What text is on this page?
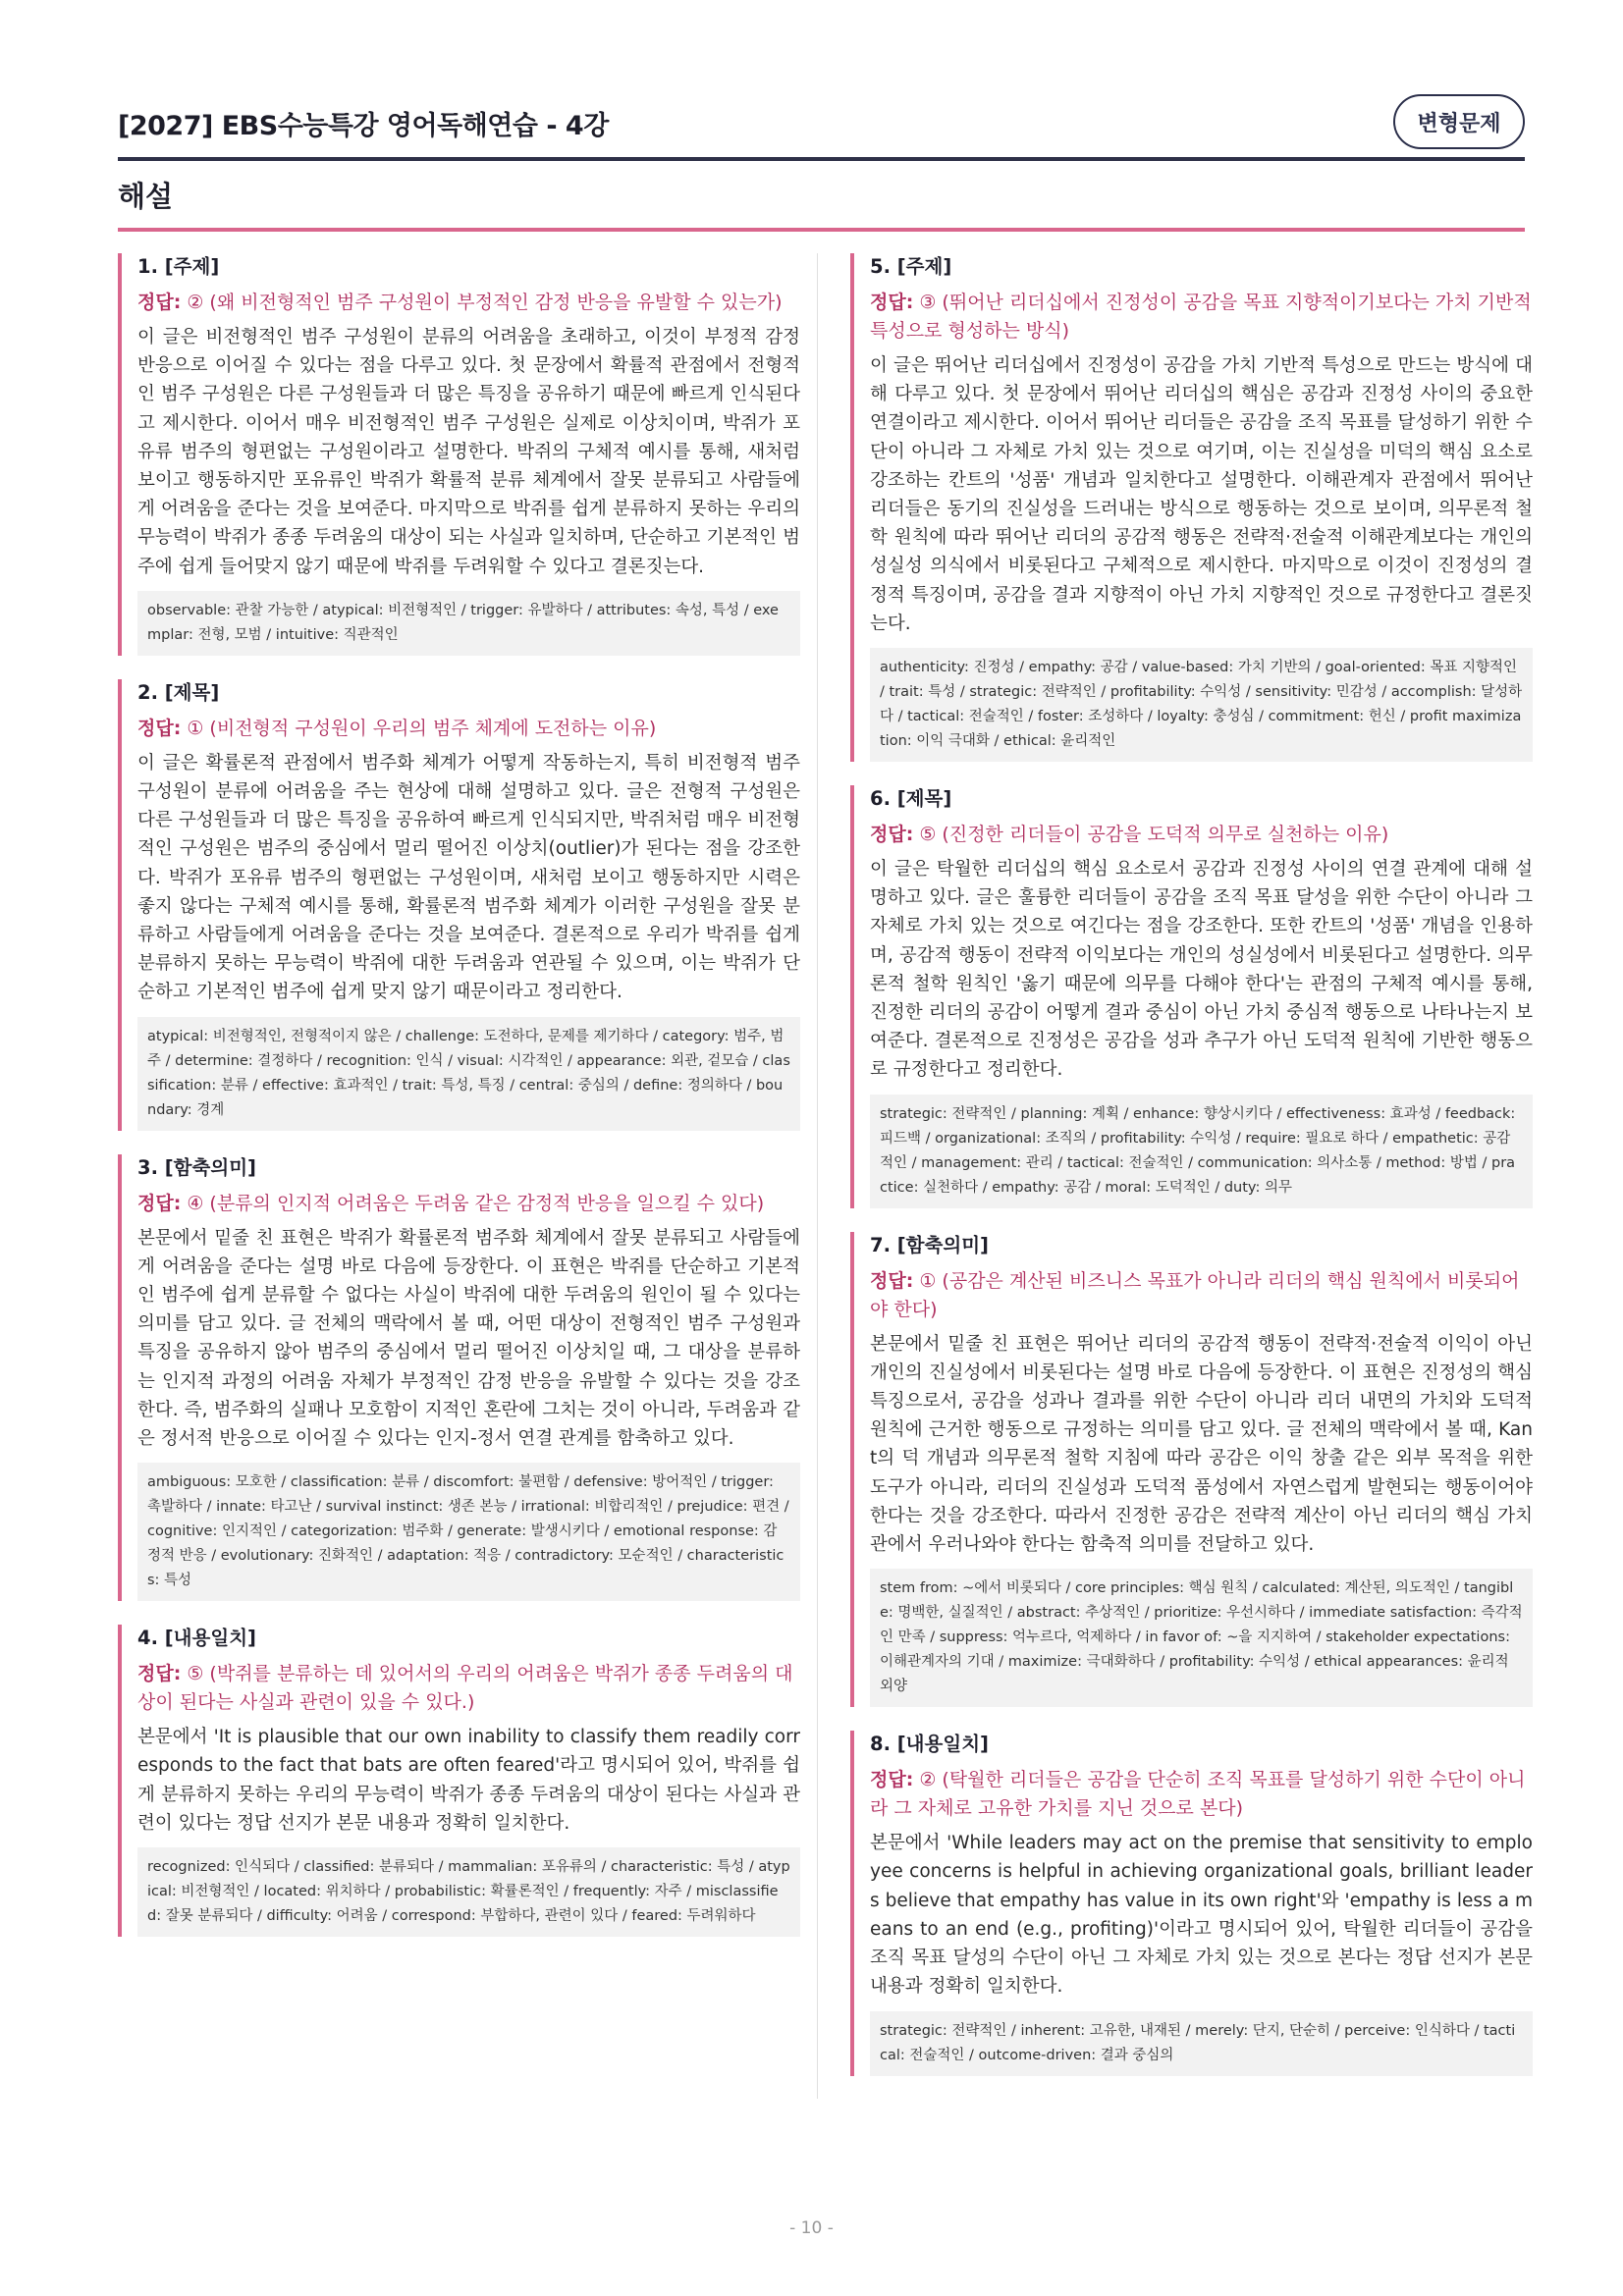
[2027] EBS수능특강 영어독해연습 - 4강	변형문제
해설
1. [주제]
정답: ② (왜 비전형적인 범주 구성원이 부정적인 감정 반응을 유발할 수 있는가)
이 글은 비전형적인 범주 구성원이 분류의 어려움을 초래하고, 이것이 부정적 감정 반응으로 이어질 수 있다는 점을 다루고 있다. 첫 문장에서 확률적 관점에서 전형적인 범주 구성원은 다른 구성원들과 더 많은 특징을 공유하기 때문에 빠르게 인식된다고 제시한다. 이어서 매우 비전형적인 범주 구성원은 실제로 이상치이며, 박쥐가 포유류 범주의 형편없는 구성원이라고 설명한다. 박쥐의 구체적 예시를 통해, 새처럼 보이고 행동하지만 포유류인 박쥐가 확률적 분류 체계에서 잘못 분류되고 사람들에게 어려움을 준다는 것을 보여준다. 마지막으로 박쥐를 쉽게 분류하지 못하는 우리의 무능력이 박쥐가 종종 두려움의 대상이 되는 사실과 일치하며, 단순하고 기본적인 범주에 쉽게 들어맞지 않기 때문에 박쥐를 두려워할 수 있다고 결론짓는다.
observable: 관찰 가능한 / atypical: 비전형적인 / trigger: 유발하다 / attributes: 속성, 특성 / exemplar: 전형, 모범 / intuitive: 직관적인
2. [제목]
정답: ① (비전형적 구성원이 우리의 범주 체계에 도전하는 이유)
이 글은 확률론적 관점에서 범주화 체계가 어떻게 작동하는지, 특히 비전형적 범주 구성원이 분류에 어려움을 주는 현상에 대해 설명하고 있다. 글은 전형적 구성원은 다른 구성원들과 더 많은 특징을 공유하여 빠르게 인식되지만, 박쥐처럼 매우 비전형적인 구성원은 범주의 중심에서 멀리 떨어진 이상치(outlier)가 된다는 점을 강조한다. 박쥐가 포유류 범주의 형편없는 구성원이며, 새처럼 보이고 행동하지만 시력은 좋지 않다는 구체적 예시를 통해, 확률론적 범주화 체계가 이러한 구성원을 잘못 분류하고 사람들에게 어려움을 준다는 것을 보여준다. 결론적으로 우리가 박쥐를 쉽게 분류하지 못하는 무능력이 박쥐에 대한 두려움과 연관될 수 있으며, 이는 박쥐가 단순하고 기본적인 범주에 쉽게 맞지 않기 때문이라고 정리한다.
atypical: 비전형적인, 전형적이지 않은 / challenge: 도전하다, 문제를 제기하다 / category: 범주, 범주 / determine: 결정하다 / recognition: 인식 / visual: 시각적인 / appearance: 외관, 겉모습 / classification: 분류 / effective: 효과적인 / trait: 특성, 특징 / central: 중심의 / define: 정의하다 / boundary: 경계
3. [함축의미]
정답: ④ (분류의 인지적 어려움은 두려움 같은 감정적 반응을 일으킬 수 있다)
본문에서 밑줄 친 표현은 박쥐가 확률론적 범주화 체계에서 잘못 분류되고 사람들에게 어려움을 준다는 설명 바로 다음에 등장한다. 이 표현은 박쥐를 단순하고 기본적인 범주에 쉽게 분류할 수 없다는 사실이 박쥐에 대한 두려움의 원인이 될 수 있다는 의미를 담고 있다. 글 전체의 맥락에서 볼 때, 어떤 대상이 전형적인 범주 구성원과 특징을 공유하지 않아 범주의 중심에서 멀리 떨어진 이상치일 때, 그 대상을 분류하는 인지적 과정의 어려움 자체가 부정적인 감정 반응을 유발할 수 있다는 것을 강조한다. 즉, 범주화의 실패나 모호함이 지적인 혼란에 그치는 것이 아니라, 두려움과 같은 정서적 반응으로 이어질 수 있다는 인지-정서 연결 관계를 함축하고 있다.
ambiguous: 모호한 / classification: 분류 / discomfort: 불편함 / defensive: 방어적인 / trigger: 촉발하다 / innate: 타고난 / survival instinct: 생존 본능 / irrational: 비합리적인 / prejudice: 편견 / cognitive: 인지적인 / categorization: 범주화 / generate: 발생시키다 / emotional response: 감정적 반응 / evolutionary: 진화적인 / adaptation: 적응 / contradictory: 모순적인 / characteristics: 특성
4. [내용일치]
정답: ⑤ (박쥐를 분류하는 데 있어서의 우리의 어려움은 박쥐가 종종 두려움의 대상이 된다는 사실과 관련이 있을 수 있다.)
본문에서 'It is plausible that our own inability to classify them readily corresponds to the fact that bats are often feared'라고 명시되어 있어, 박쥐를 쉽게 분류하지 못하는 우리의 무능력이 박쥐가 종종 두려움의 대상이 된다는 사실과 관련이 있다는 정답 선지가 본문 내용과 정확히 일치한다.
recognized: 인식되다 / classified: 분류되다 / mammalian: 포유류의 / characteristic: 특성 / atypical: 비전형적인 / located: 위치하다 / probabilistic: 확률론적인 / frequently: 자주 / misclassified: 잘못 분류되다 / difficulty: 어려움 / correspond: 부합하다, 관련이 있다 / feared: 두려워하다
5. [주제]
정답: ③ (뛰어난 리더십에서 진정성이 공감을 목표 지향적이기보다는 가치 기반적 특성으로 형성하는 방식)
이 글은 뛰어난 리더십에서 진정성이 공감을 가치 기반적 특성으로 만드는 방식에 대해 다루고 있다. 첫 문장에서 뛰어난 리더십의 핵심은 공감과 진정성 사이의 중요한 연결이라고 제시한다. 이어서 뛰어난 리더들은 공감을 조직 목표를 달성하기 위한 수단이 아니라 그 자체로 가치 있는 것으로 여기며, 이는 진실성을 미덕의 핵심 요소로 강조하는 칸트의 '성품' 개념과 일치한다고 설명한다. 이해관계자 관점에서 뛰어난 리더들은 동기의 진실성을 드러내는 방식으로 행동하는 것으로 보이며, 의무론적 철학 원칙에 따라 뛰어난 리더의 공감적 행동은 전략적·전술적 이해관계보다는 개인의 성실성 의식에서 비롯된다고 구체적으로 제시한다. 마지막으로 이것이 진정성의 결정적 특징이며, 공감을 결과 지향적이 아닌 가치 지향적인 것으로 규정한다고 결론짓는다.
authenticity: 진정성 / empathy: 공감 / value-based: 가치 기반의 / goal-oriented: 목표 지향적인 / trait: 특성 / strategic: 전략적인 / profitability: 수익성 / sensitivity: 민감성 / accomplish: 달성하다 / tactical: 전술적인 / foster: 조성하다 / loyalty: 충성심 / commitment: 헌신 / profit maximization: 이익 극대화 / ethical: 윤리적인
6. [제목]
정답: ⑤ (진정한 리더들이 공감을 도덕적 의무로 실천하는 이유)
이 글은 탁월한 리더십의 핵심 요소로서 공감과 진정성 사이의 연결 관계에 대해 설명하고 있다. 글은 훌륭한 리더들이 공감을 조직 목표 달성을 위한 수단이 아니라 그 자체로 가치 있는 것으로 여긴다는 점을 강조한다. 또한 칸트의 '성품' 개념을 인용하며, 공감적 행동이 전략적 이익보다는 개인의 성실성에서 비롯된다고 설명한다. 의무론적 철학 원칙인 '옳기 때문에 의무를 다해야 한다'는 관점의 구체적 예시를 통해, 진정한 리더의 공감이 어떻게 결과 중심이 아닌 가치 중심적 행동으로 나타나는지 보여준다. 결론적으로 진정성은 공감을 성과 추구가 아닌 도덕적 원칙에 기반한 행동으로 규정한다고 정리한다.
strategic: 전략적인 / planning: 계획 / enhance: 향상시키다 / effectiveness: 효과성 / feedback: 피드백 / organizational: 조직의 / profitability: 수익성 / require: 필요로 하다 / empathetic: 공감적인 / management: 관리 / tactical: 전술적인 / communication: 의사소통 / method: 방법 / practice: 실천하다 / empathy: 공감 / moral: 도덕적인 / duty: 의무
7. [함축의미]
정답: ① (공감은 계산된 비즈니스 목표가 아니라 리더의 핵심 원칙에서 비롯되어야 한다)
본문에서 밑줄 친 표현은 뛰어난 리더의 공감적 행동이 전략적·전술적 이익이 아닌 개인의 진실성에서 비롯된다는 설명 바로 다음에 등장한다. 이 표현은 진정성의 핵심 특징으로서, 공감을 성과나 결과를 위한 수단이 아니라 리더 내면의 가치와 도덕적 원칙에 근거한 행동으로 규정하는 의미를 담고 있다. 글 전체의 맥락에서 볼 때, Kant의 덕 개념과 의무론적 철학 지침에 따라 공감은 이익 창출 같은 외부 목적을 위한 도구가 아니라, 리더의 진실성과 도덕적 품성에서 자연스럽게 발현되는 행동이어야 한다는 것을 강조한다. 따라서 진정한 공감은 전략적 계산이 아닌 리더의 핵심 가치관에서 우러나와야 한다는 함축적 의미를 전달하고 있다.
stem from: ~에서 비롯되다 / core principles: 핵심 원칙 / calculated: 계산된, 의도적인 / tangible: 명백한, 실질적인 / abstract: 추상적인 / prioritize: 우선시하다 / immediate satisfaction: 즉각적인 만족 / suppress: 억누르다, 억제하다 / in favor of: ~을 지지하여 / stakeholder expectations: 이해관계자의 기대 / maximize: 극대화하다 / profitability: 수익성 / ethical appearances: 윤리적 외양
8. [내용일치]
정답: ② (탁월한 리더들은 공감을 단순히 조직 목표를 달성하기 위한 수단이 아니라 그 자체로 고유한 가치를 지닌 것으로 본다)
본문에서 'While leaders may act on the premise that sensitivity to employee concerns is helpful in achieving organizational goals, brilliant leaders believe that empathy has value in its own right'와 'empathy is less a means to an end (e.g., profiting)'이라고 명시되어 있어, 탁월한 리더들이 공감을 조직 목표 달성의 수단이 아닌 그 자체로 가치 있는 것으로 본다는 정답 선지가 본문 내용과 정확히 일치한다.
strategic: 전략적인 / inherent: 고유한, 내재된 / merely: 단지, 단순히 / perceive: 인식하다 / tactical: 전술적인 / outcome-driven: 결과 중심의
- 10 -
